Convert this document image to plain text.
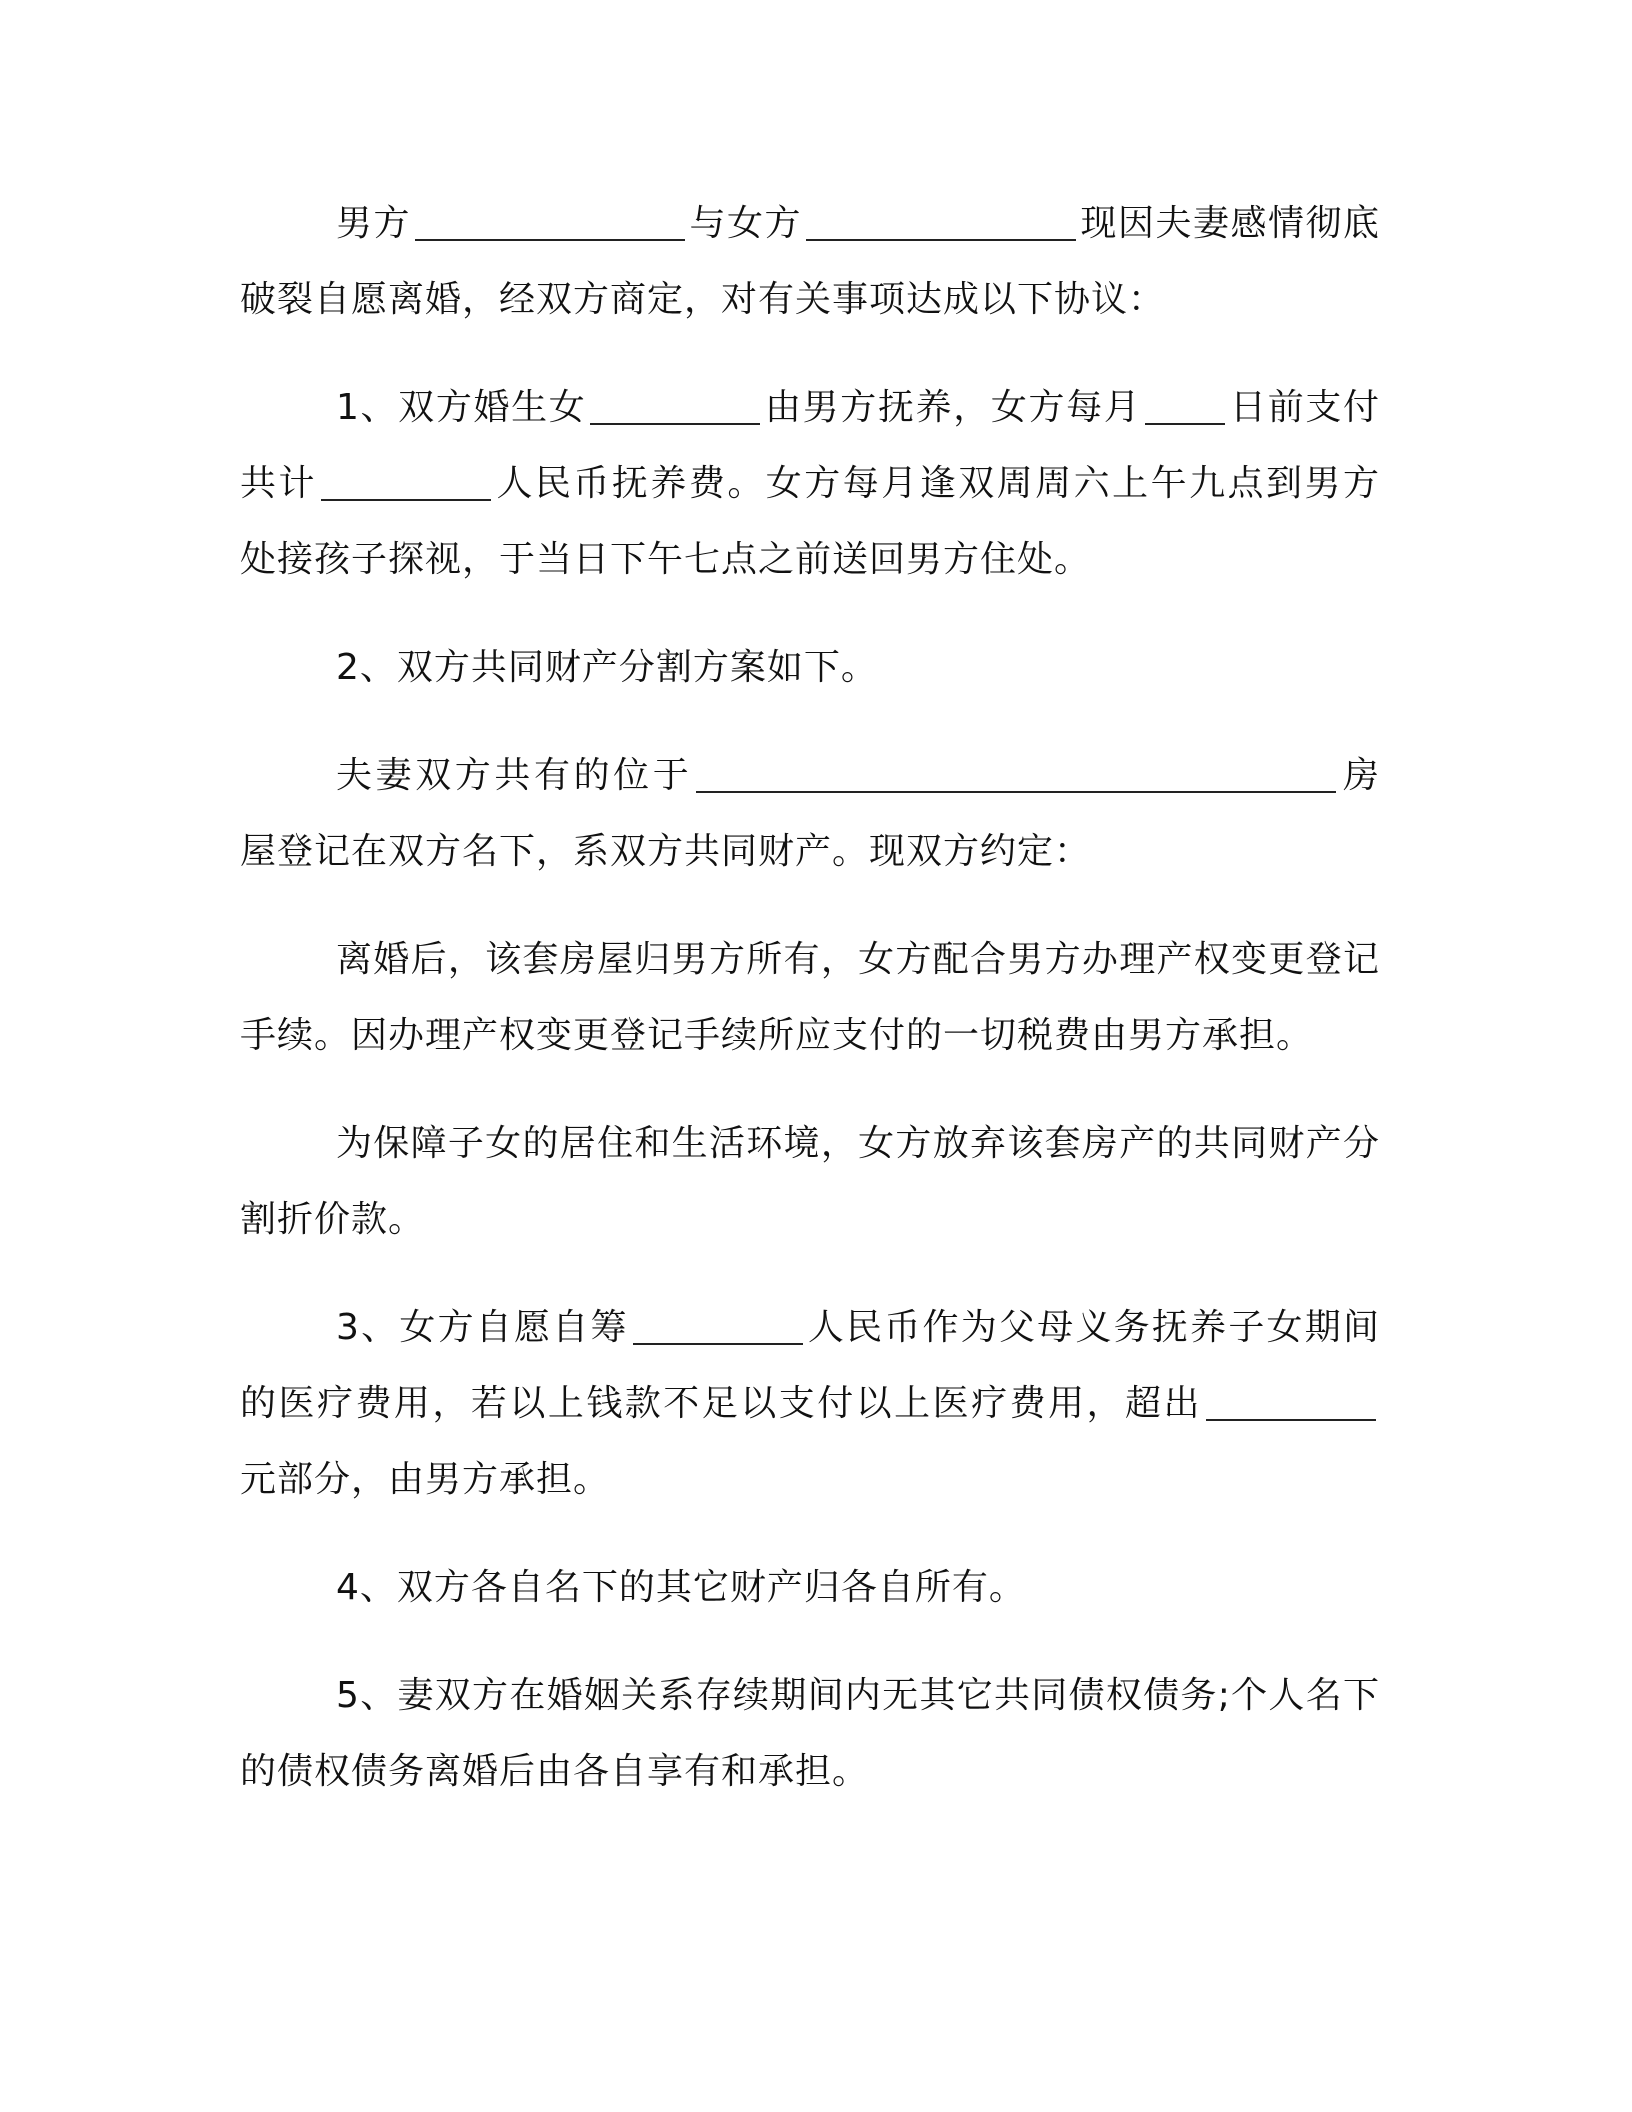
男方	与女方	现因夫妻感情彻底破裂自愿离婚，经双方商定，对有关事项达成以下协议：

1、双方婚生女	由男方抚养，女方每月 日前支付共计	人民币抚养费。女方每月逢双周周六上午九点到男方处接孩子探视，于当日下午七点之前送回男方住处。

2、双方共同财产分割方案如下。

夫妻双方共有的位于	房屋登记在双方名下，系双方共同财产。现双方约定：

离婚后，该套房屋归男方所有，女方配合男方办理产权变更登记手续。因办理产权变更登记手续所应支付的一切税费由男方承担。

为保障子女的居住和生活环境，女方放弃该套房产的共同财产分割折价款。

3、女方自愿自筹	人民币作为父母义务抚养子女期间的医疗费用，若以上钱款不足以支付以上医疗费用，超出元部分，由男方承担。

4、双方各自名下的其它财产归各自所有。

5、妻双方在婚姻关系存续期间内无其它共同债权债务;个人名下的债权债务离婚后由各自享有和承担。
